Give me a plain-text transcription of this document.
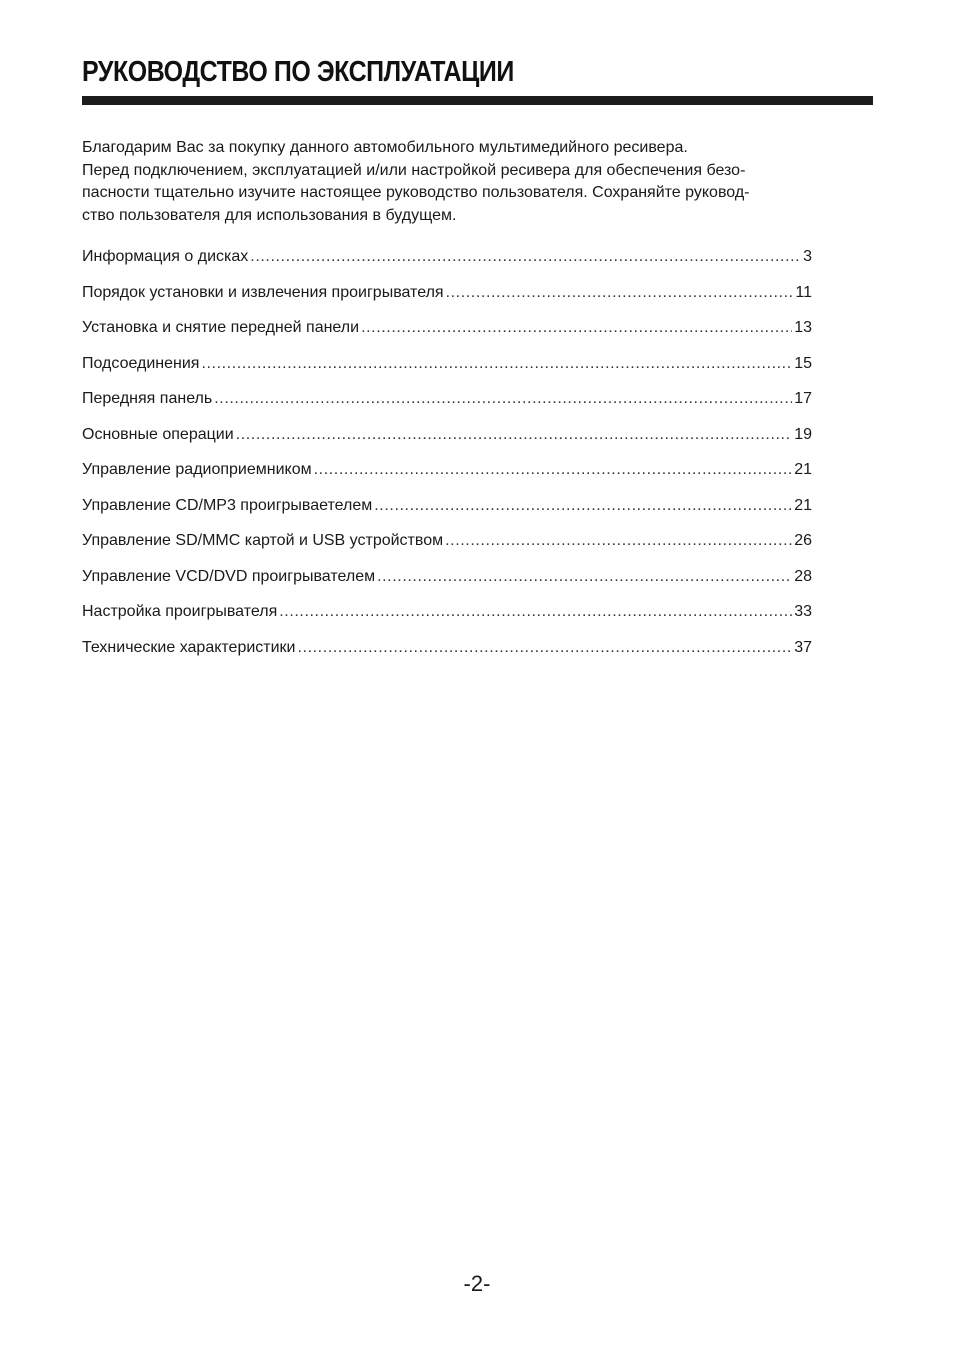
РУКОВОДСТВО ПО ЭКСПЛУАТАЦИИ

Благодарим Вас за покупку данного автомобильного мультимедийного ресивера.
Перед подключением, эксплуатацией и/или настройкой ресивера для обеспечения безо-
пасности тщательно изучите настоящее руководство пользователя. Сохраняйте руковод-
ство пользователя для использования в будущем.

Информация о дисках .....	3
Порядок установки и извлечения проигрывателя .....	11
Установка и снятие передней панели .....	13
Подсоединения .....	15
Передняя панель .....	17
Основные операции .....	19
Управление радиоприемником .....	21
Управление CD/MP3 проигрываетелем .....	21
Управление SD/MMC картой и USB устройством .....	26
Управление VCD/DVD проигрывателем .....	28
Настройка проигрывателя .....	33
Технические характеристики .....	37
-2-
